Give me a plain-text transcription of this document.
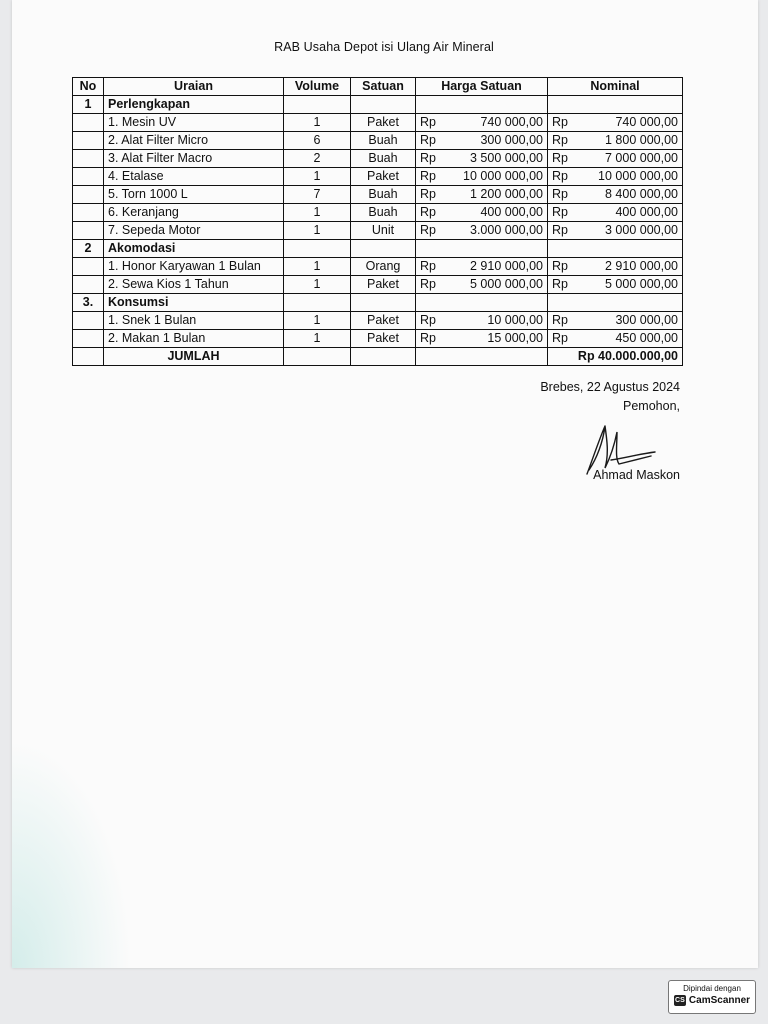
RAB Usaha Depot isi Ulang Air Mineral
No	Uraian	Volume	Satuan	Harga Satuan	Nominal
1	Perlengkapan				
	1. Mesin UV	1	Paket	Rp 740 000,00	Rp 740 000,00

	2. Alat Filter Micro	6	Buah	Rp 300 000,00	Rp 1 800 000,00

	3. Alat Filter Macro	2	Buah	Rp 3 500 000,00	Rp 7 000 000,00

	4. Etalase	1	Paket	Rp 10 000 000,00	Rp 10 000 000,00

	5. Torn 1000 L	7	Buah	Rp 1 200 000,00	Rp 8 400 000,00

	6. Keranjang	1	Buah	Rp 400 000,00	Rp 400 000,00

	7. Sepeda Motor	1	Unit	Rp 3.000 000,00	Rp 3 000 000,00

2	Akomodasi				
	1. Honor Karyawan 1 Bulan	1	Orang	Rp 2 910 000,00	Rp 2 910 000,00

	2. Sewa Kios 1 Tahun	1	Paket	Rp 5 000 000,00	Rp 5 000 000,00

3.	Konsumsi				
	1. Snek 1 Bulan	1	Paket	Rp 10 000,00	Rp 300 000,00

	2. Makan 1 Bulan	1	Paket	Rp 15 000,00	Rp 450 000,00

	JUMLAH				Rp 40.000.000,00
Brebes, 22 Agustus 2024
Pemohon,
Ahmad Maskon
Dipindai dengan
CS CamScanner
